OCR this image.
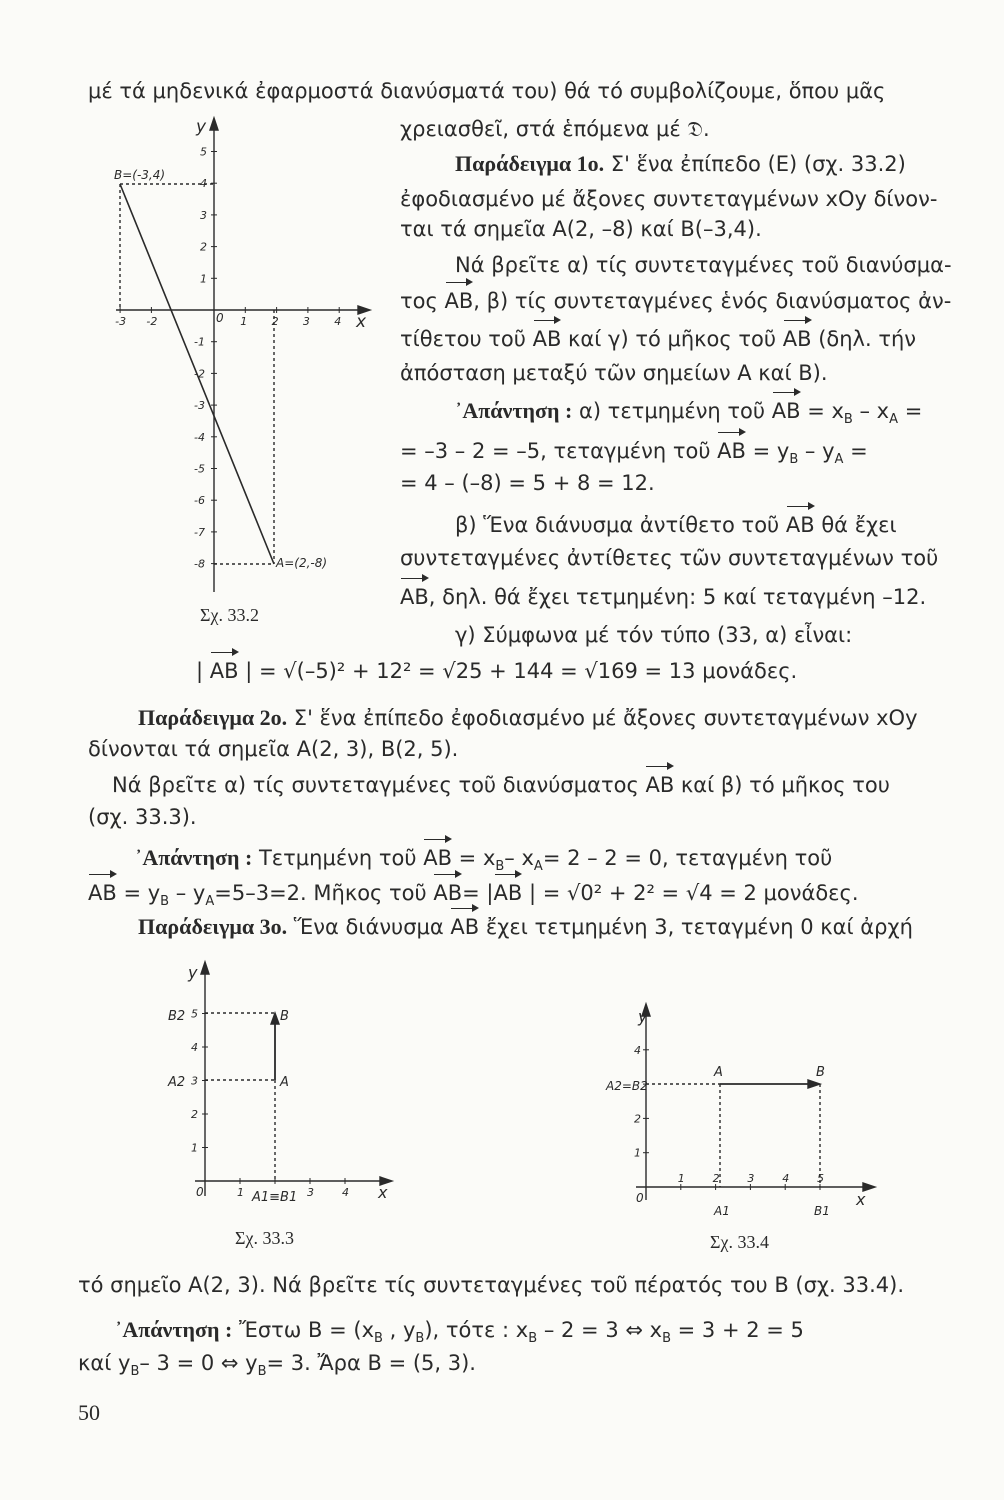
μέ τά μηδενικά ἐφαρμοστά διανύσματά του) θά τό συμβολίζουμε, ὅπου μᾶς
χρειασθεῖ, στά ἑπόμενα μέ 𝔇.
Παράδειγμα 1ο. Σ' ἕνα ἐπίπεδο (Ε) (σχ. 33.2)
ἐφοδιασμένο μέ ἄξονες συντεταγμένων xOy δίνον-
ται τά σημεῖα A(2, –8) καί B(–3,4).
Νά βρεῖτε α) τίς συντεταγμένες τοῦ διανύσμα-
τος AB, β) τίς συντεταγμένες ἑνός διανύσματος ἀν-
τίθετου τοῦ AB καί γ) τό μῆκος τοῦ AB (δηλ. τήν
ἀπόσταση μεταξύ τῶν σημείων A καί B).
᾿Απάντηση : α) τετμημένη τοῦ AB = $x_B - x_A$ =
= –3 – 2 = –5, τεταγμένη τοῦ AB = $y_B - y_A$ =
= 4 – (–8) = 5 + 8 = 12.
β) Ἕνα διάνυσμα ἀντίθετο τοῦ AB θά ἔχει
συντεταγμένες ἀντίθετες τῶν συντεταγμένων τοῦ
AB, δηλ. θά ἔχει τετμημένη: 5 καί τεταγμένη –12.
γ) Σύμφωνα μέ τόν τύπο (33, α) εἶναι:
| AB | = √(–5)² + 12² = √25 + 144 = √169 = 13 μονάδες.
Παράδειγμα 2ο. Σ' ἕνα ἐπίπεδο ἐφοδιασμένο μέ ἄξονες συντεταγμένων xOy
δίνονται τά σημεῖα A(2, 3), B(2, 5).
Νά βρεῖτε α) τίς συντεταγμένες τοῦ διανύσματος AB καί β) τό μῆκος του
(σχ. 33.3).
᾿Απάντηση : Τετμημένη τοῦ AB = $x_B-$ $x_A= 2 - 2 = 0$, τεταγμένη τοῦ
AB = $y_B - y_A=5-3=2$. Μῆκος τοῦ AB= |AB | = √0² + 2² = √4 = 2 μονάδες.
Παράδειγμα 3ο. Ἕνα διάνυσμα AB ἔχει τετμημένη 3, τεταγμένη 0 καί ἀρχή
τό σημεῖο A(2, 3). Νά βρεῖτε τίς συντεταγμένες τοῦ πέρατός του B (σχ. 33.4).
᾿Απάντηση : Ἔστω $B = (x_B$ , $y_B$), τότε : $x_B - 2 = 3$ ⇔ $x_B = 3 + 2 = 5$
καί $y_B-$ 3 = 0 ⇔ $y_B= 3$. Ἄρα B = (5, 3).
50
y
x
0
B=(-3,4)
A=(2,-8)
-3 -2	1 2 3 4
5
4
3
2
1
-1
-2
-3
-4
-5
-6
-7
-8
Σχ. 33.2
y
x
0
B
A
B2
A2
A1≡B1
1	3	4
1
2
3
4
5
Σχ. 33.3
y
x
0
A	B
A2=B2
A1	B1
1	2	3	4	5
1
2
4
Σχ. 33.4
